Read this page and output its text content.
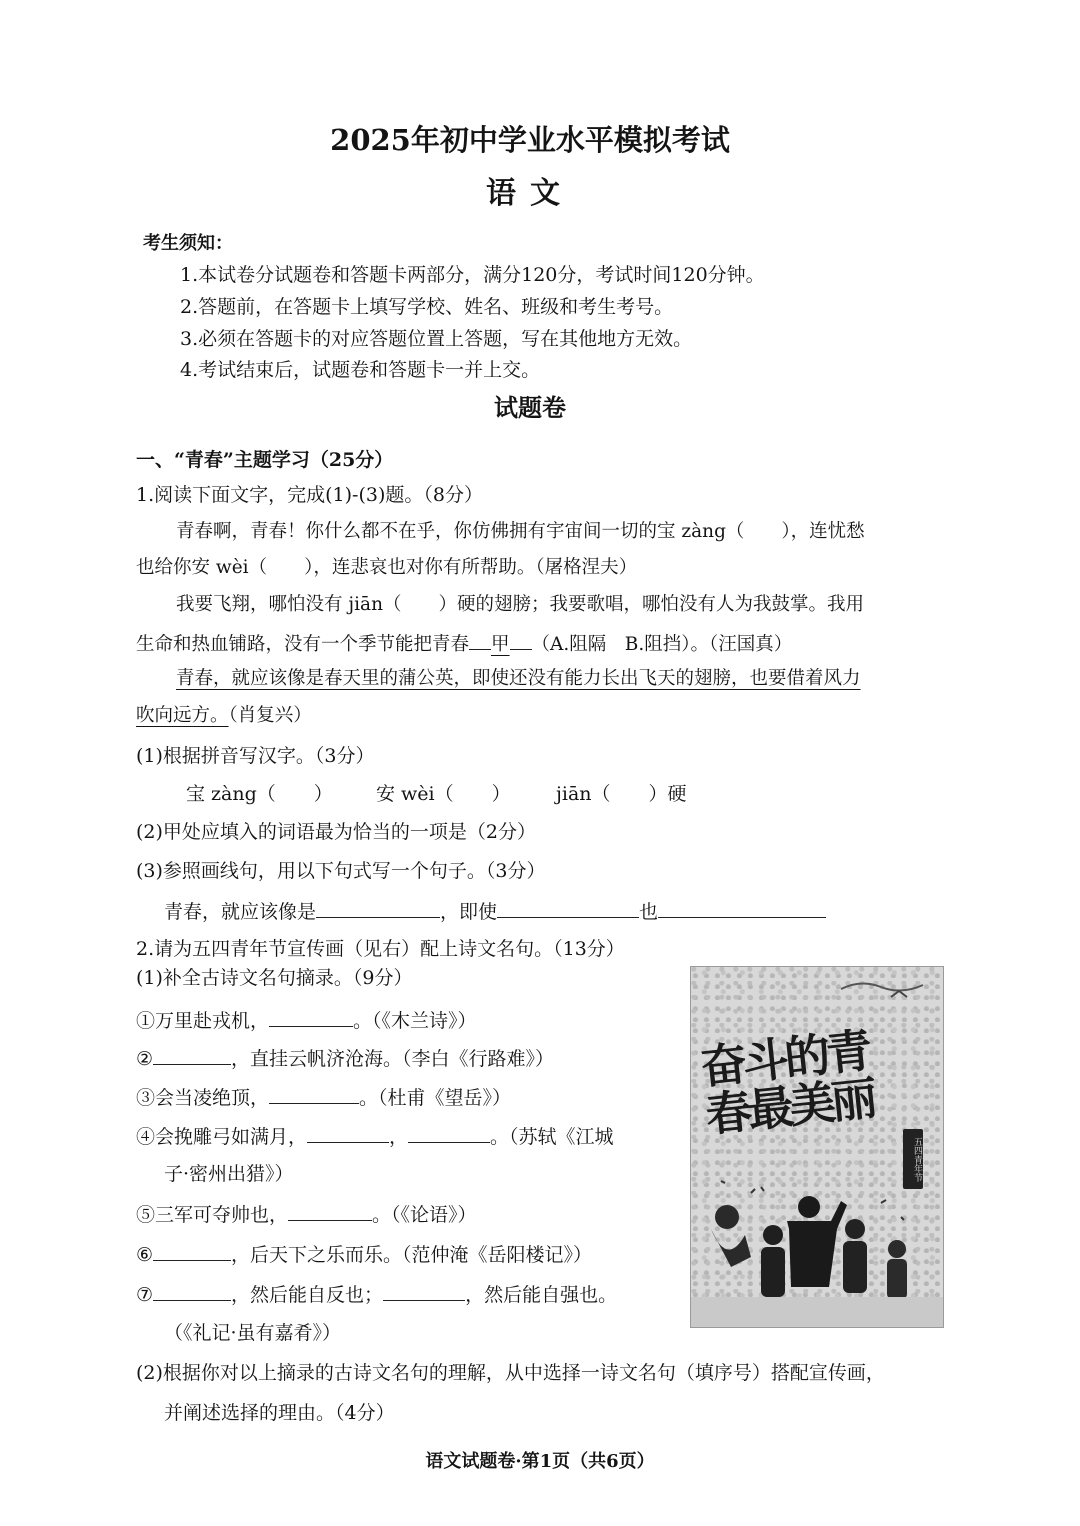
2025年初中学业水平模拟考试
语文
考生须知：
1.本试卷分试题卷和答题卡两部分，满分120分，考试时间120分钟。
2.答题前，在答题卡上填写学校、姓名、班级和考生考号。
3.必须在答题卡的对应答题位置上答题，写在其他地方无效。
4.考试结束后，试题卷和答题卡一并上交。
试题卷
一、“青春”主题学习（25分）
1.阅读下面文字，完成(1)-(3)题。（8分）
青春啊，青春！你什么都不在乎，你仿佛拥有宇宙间一切的宝 zàng（　　），连忧愁
也给你安 wèi（　　），连悲哀也对你有所帮助。（屠格涅夫）
我要飞翔，哪怕没有 jiān（　　）硬的翅膀；我要歌唱，哪怕没有人为我鼓掌。我用
生命和热血铺路，没有一个季节能把青春 甲 （A.阻隔　B.阻挡）。（汪国真）
青春，就应该像是春天里的蒲公英，即使还没有能力长出飞天的翅膀，也要借着风力
吹向远方。（肖复兴）
(1)根据拼音写汉字。（3分）
宝 zàng（　　） 安 wèi（　　） jiān（　　）硬
(2)甲处应填入的词语最为恰当的一项是（2分）
(3)参照画线句，用以下句式写一个句子。（3分）
青春，就应该像是	，即使	也
2.请为五四青年节宣传画（见右）配上诗文名句。（13分）
(1)补全古诗文名句摘录。（9分）
①万里赴戎机，	。（《木兰诗》）
②	，直挂云帆济沧海。（李白《行路难》）
③会当凌绝顶，	。（杜甫《望岳》）
④会挽雕弓如满月，	，	。（苏轼《江城
子·密州出猎》）
⑤三军可夺帅也，	。（《论语》）
⑥	，后天下之乐而乐。（范仲淹《岳阳楼记》）
⑦	，然后能自反也；	，然后能自强也。
（《礼记·虽有嘉肴》）
(2)根据你对以上摘录的古诗文名句的理解，从中选择一诗文名句（填序号）搭配宣传画，
并阐述选择的理由。（4分）
奋斗的青春最美丽
五四青年节
语文试题卷·第1页（共6页）
